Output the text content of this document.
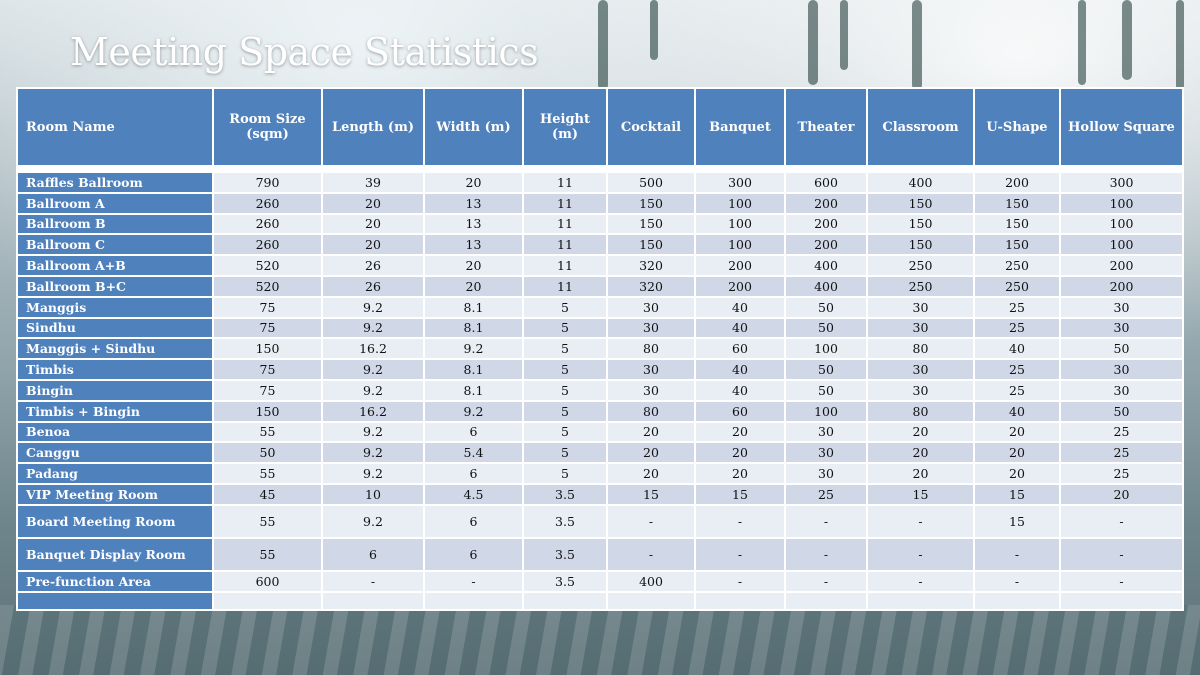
Meeting Space Statistics
Room Name	Room Size (sqm)	Length (m)	Width (m)	Height (m)	Cocktail	Banquet	Theater	Classroom	U-Shape	Hollow Square

Raffles Ballroom	790	39	20	11	500	300	600	400	200	300
Ballroom A	260	20	13	11	150	100	200	150	150	100
Ballroom B	260	20	13	11	150	100	200	150	150	100
Ballroom C	260	20	13	11	150	100	200	150	150	100
Ballroom A+B	520	26	20	11	320	200	400	250	250	200
Ballroom B+C	520	26	20	11	320	200	400	250	250	200
Manggis	75	9.2	8.1	5	30	40	50	30	25	30
Sindhu	75	9.2	8.1	5	30	40	50	30	25	30
Manggis + Sindhu	150	16.2	9.2	5	80	60	100	80	40	50
Timbis	75	9.2	8.1	5	30	40	50	30	25	30
Bingin	75	9.2	8.1	5	30	40	50	30	25	30
Timbis + Bingin	150	16.2	9.2	5	80	60	100	80	40	50
Benoa	55	9.2	6	5	20	20	30	20	20	25
Canggu	50	9.2	5.4	5	20	20	30	20	20	25
Padang	55	9.2	6	5	20	20	30	20	20	25
VIP Meeting Room	45	10	4.5	3.5	15	15	25	15	15	20
Board Meeting Room	55	9.2	6	3.5	-	-	-	-	15	-
Banquet Display Room	55	6	6	3.5	-	-	-	-	-	-
Pre-function Area	600	-	-	3.5	400	-	-	-	-	-
